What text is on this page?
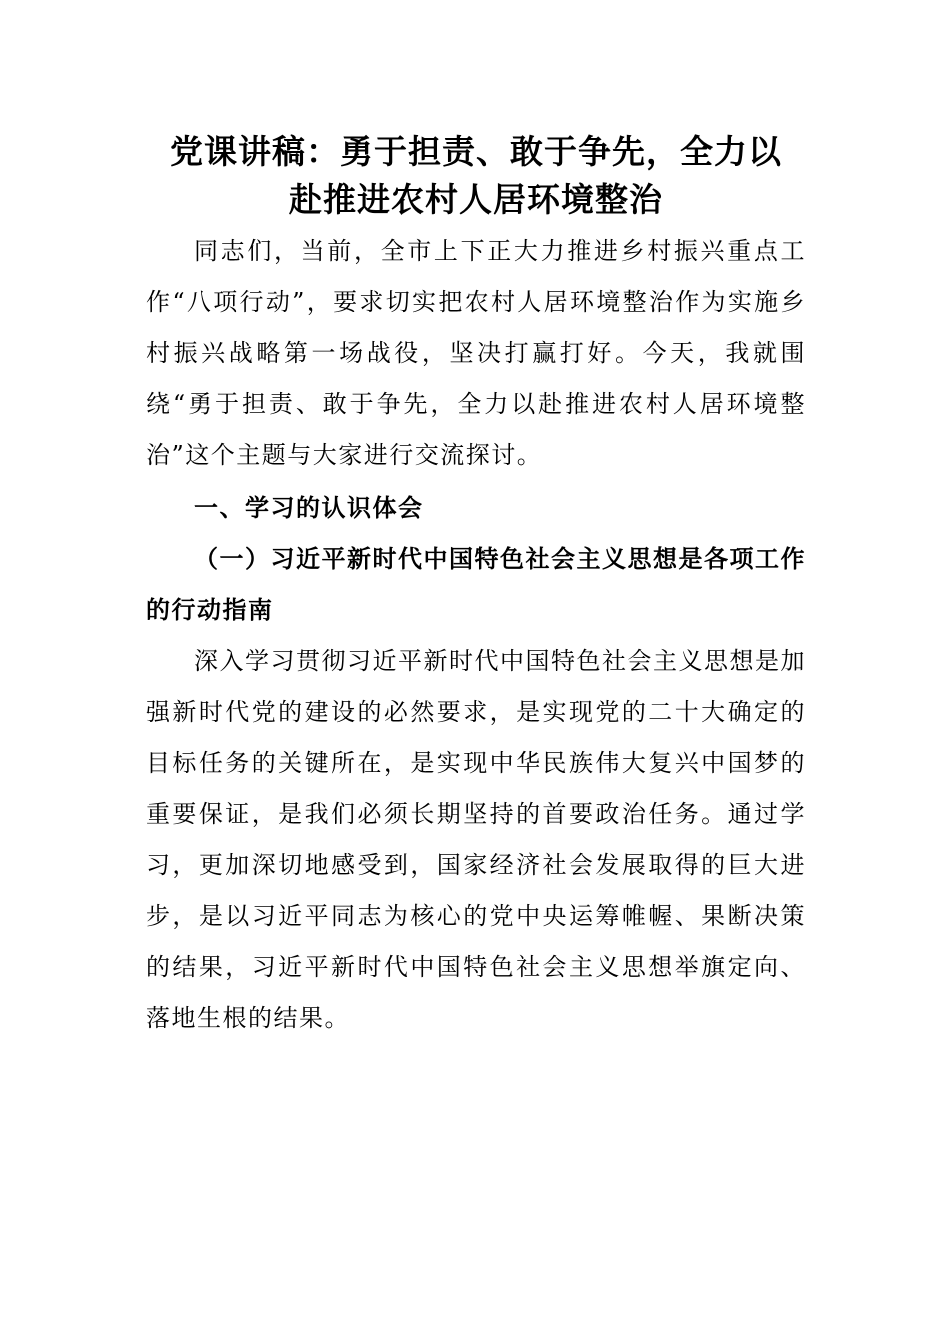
党课讲稿：勇于担责、敢于争先，全力以
赴推进农村人居环境整治

同志们，当前，全市上下正大力推进乡村振兴重点工作“八项行动”，要求切实把农村人居环境整治作为实施乡村振兴战略第一场战役，坚决打赢打好。今天，我就围绕“勇于担责、敢于争先，全力以赴推进农村人居环境整治”这个主题与大家进行交流探讨。

一、学习的认识体会

（一）习近平新时代中国特色社会主义思想是各项工作的行动指南

深入学习贯彻习近平新时代中国特色社会主义思想是加强新时代党的建设的必然要求，是实现党的二十大确定的目标任务的关键所在，是实现中华民族伟大复兴中国梦的重要保证，是我们必须长期坚持的首要政治任务。通过学习，更加深切地感受到，国家经济社会发展取得的巨大进步，是以习近平同志为核心的党中央运筹帷幄、果断决策的结果，习近平新时代中国特色社会主义思想举旗定向、落地生根的结果。
